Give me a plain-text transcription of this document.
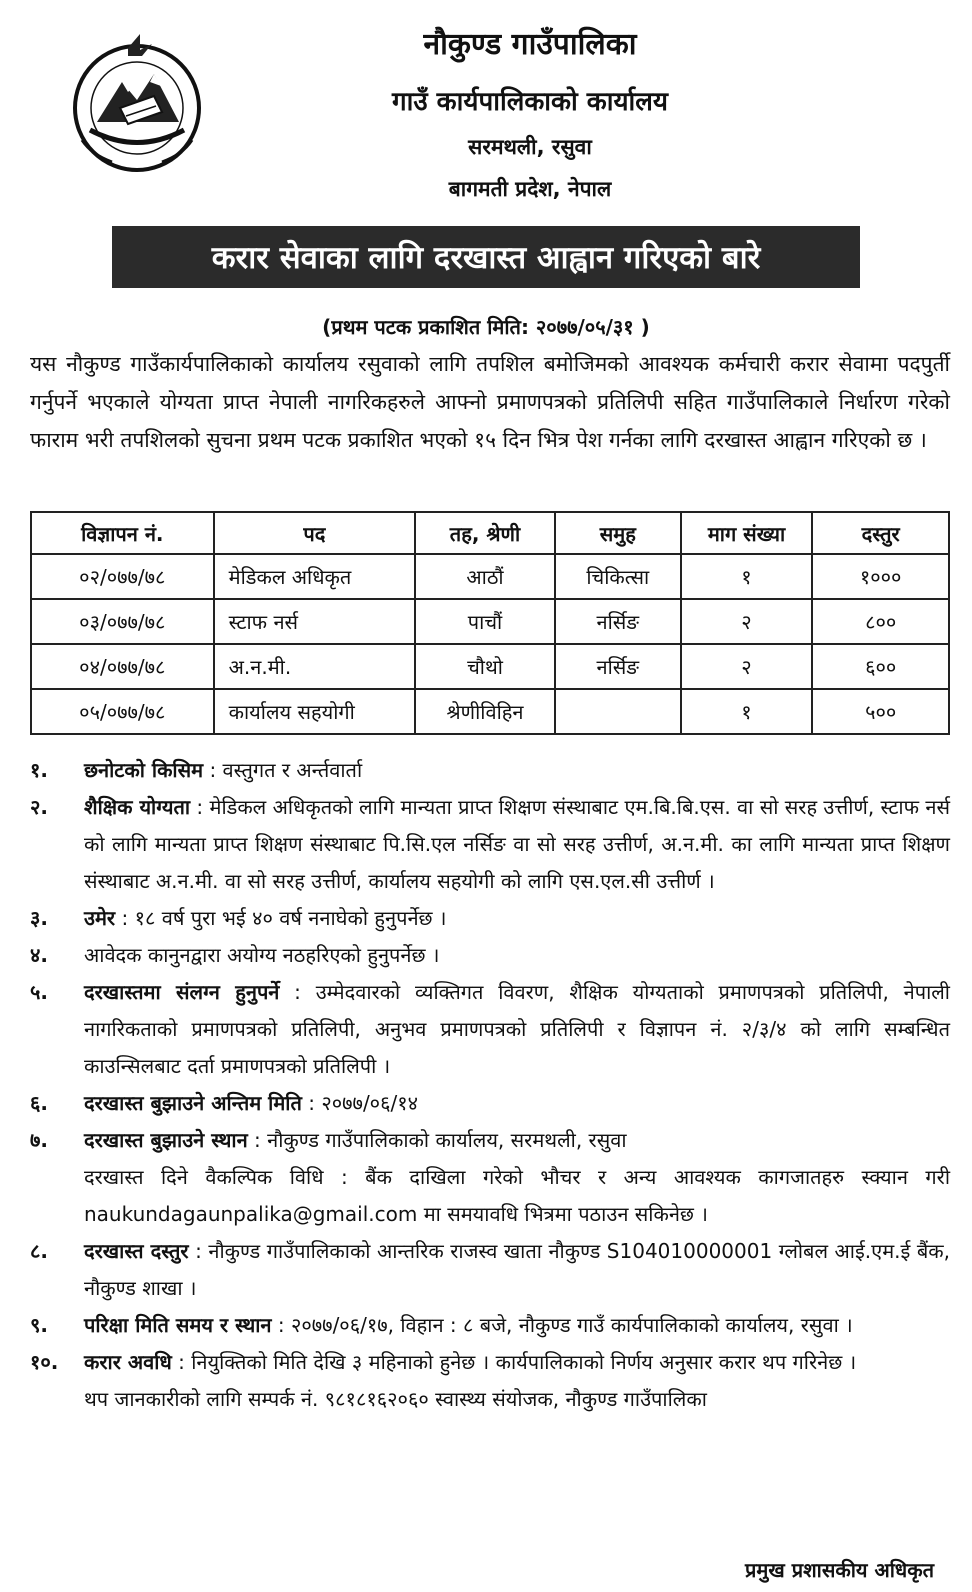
नौकुण्ड गाउँपालिका
गाउँ कार्यपालिकाको कार्यालय
सरमथली, रसुवा
बागमती प्रदेश, नेपाल
करार सेवाका लागि दरखास्त आह्वान गरिएको बारे
(प्रथम पटक प्रकाशित मिति: २०७७/०५/३१ )
यस नौकुण्ड गाउँकार्यपालिकाको कार्यालय रसुवाको लागि तपशिल बमोजिमको आवश्यक कर्मचारी करार सेवामा पदपुर्ती गर्नुपर्ने भएकाले योग्यता प्राप्त नेपाली नागरिकहरुले आफ्नो प्रमाणपत्रको प्रतिलिपी सहित गाउँपालिकाले निर्धारण गरेको फाराम भरी तपशिलको सुचना प्रथम पटक प्रकाशित भएको १५ दिन भित्र पेश गर्नका लागि दरखास्त आह्वान गरिएको छ ।
विज्ञापन नं.	पद	तह, श्रेणी	समुह	माग संख्या	दस्तुर
०२/०७७/७८	मेडिकल अधिकृत	आठौं	चिकित्सा	१	१०००
०३/०७७/७८	स्टाफ नर्स	पाचौं	नर्सिङ	२	८००
०४/०७७/७८	अ.न.मी.	चौथो	नर्सिङ	२	६००
०५/०७७/७८	कार्यालय सहयोगी	श्रेणीविहिन		१	५००
१. छनोटको किसिम : वस्तुगत र अर्न्तवार्ता
२. शैक्षिक योग्यता : मेडिकल अधिकृतको लागि मान्यता प्राप्त शिक्षण संस्थाबाट एम.बि.बि.एस. वा सो सरह उत्तीर्ण, स्टाफ नर्स को लागि मान्यता प्राप्त शिक्षण संस्थाबाट पि.सि.एल नर्सिङ वा सो सरह उत्तीर्ण, अ.न.मी. का लागि मान्यता प्राप्त शिक्षण संस्थाबाट अ.न.मी. वा सो सरह उत्तीर्ण, कार्यालय सहयोगी को लागि एस.एल.सी उत्तीर्ण ।
३. उमेर : १८ वर्ष पुरा भई ४० वर्ष ननाघेको हुनुपर्नेछ ।
४. आवेदक कानुनद्वारा अयोग्य नठहरिएको हुनुपर्नेछ ।
५. दरखास्तमा संलग्न हुनुपर्ने : उम्मेदवारको व्यक्तिगत विवरण, शैक्षिक योग्यताको प्रमाणपत्रको प्रतिलिपी, नेपाली नागरिकताको प्रमाणपत्रको प्रतिलिपी, अनुभव प्रमाणपत्रको प्रतिलिपी र विज्ञापन नं. २/३/४ को लागि सम्बन्धित काउन्सिलबाट दर्ता प्रमाणपत्रको प्रतिलिपी ।
६. दरखास्त बुझाउने अन्तिम मिति : २०७७/०६/१४
७. दरखास्त बुझाउने स्थान : नौकुण्ड गाउँपालिकाको कार्यालय, सरमथली, रसुवा
दरखास्त दिने वैकल्पिक विधि : बैंक दाखिला गरेको भौचर र अन्य आवश्यक कागजातहरु स्क्यान गरी naukundagaunpalika@gmail.com मा समयावधि भित्रमा पठाउन सकिनेछ ।
८. दरखास्त दस्तुर : नौकुण्ड गाउँपालिकाको आन्तरिक राजस्व खाता नौकुण्ड S104010000001 ग्लोबल आई.एम.ई बैंक, नौकुण्ड शाखा ।
९. परिक्षा मिति समय र स्थान : २०७७/०६/१७, विहान : ८ बजे, नौकुण्ड गाउँ कार्यपालिकाको कार्यालय, रसुवा ।
१०. करार अवधि : नियुक्तिको मिति देखि ३ महिनाको हुनेछ । कार्यपालिकाको निर्णय अनुसार करार थप गरिनेछ ।
थप जानकारीको लागि सम्पर्क नं. ९८१८१६२०६० स्वास्थ्य संयोजक, नौकुण्ड गाउँपालिका
प्रमुख प्रशासकीय अधिकृत
